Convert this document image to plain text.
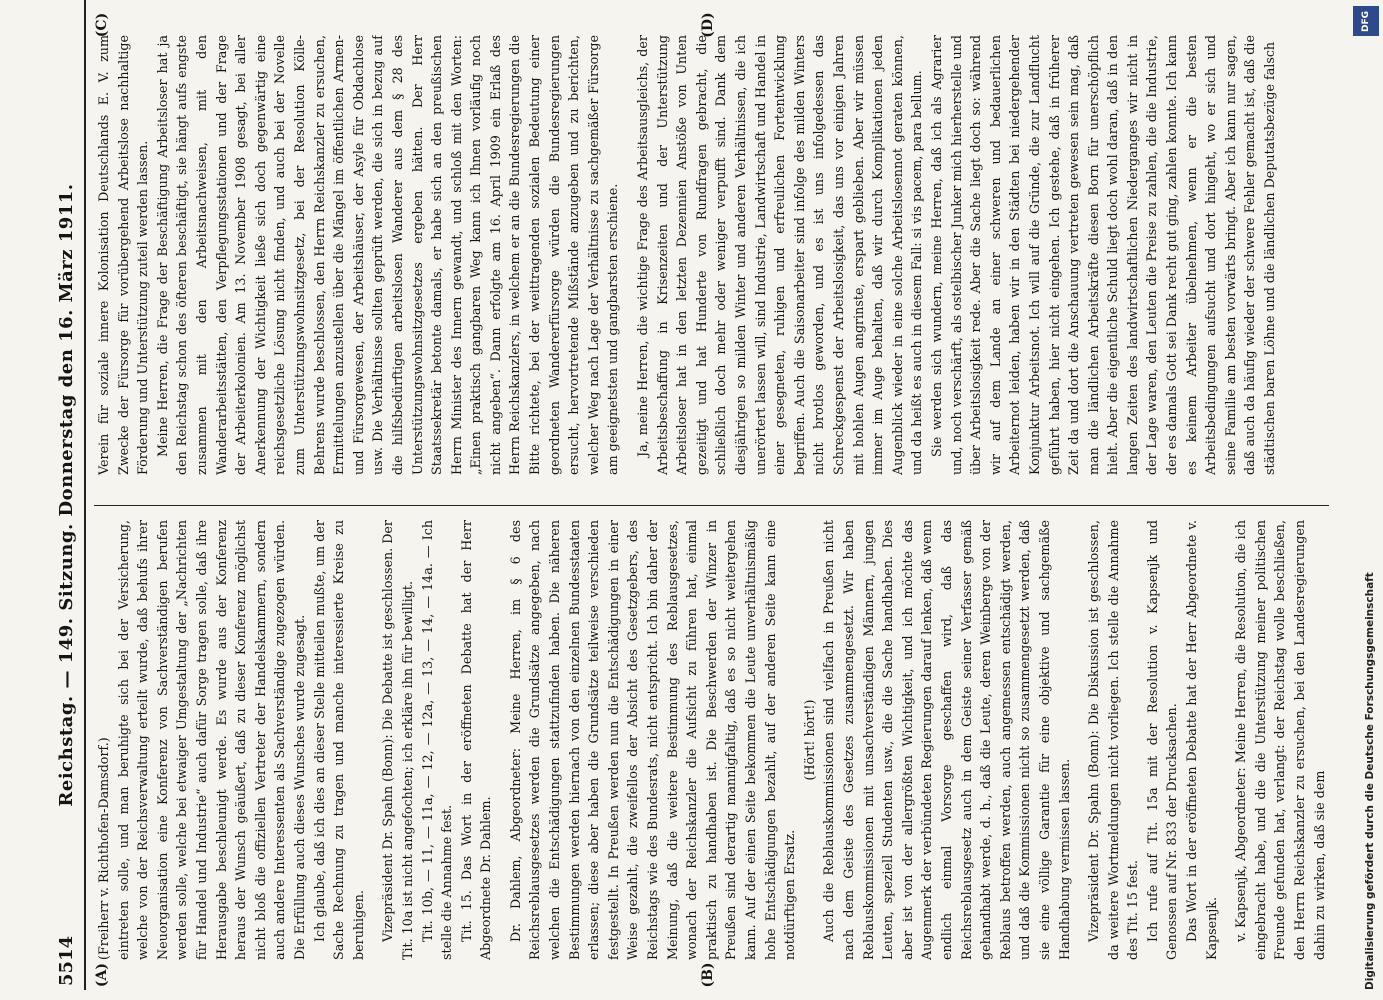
5514
Reichstag. — 149. Sitzung. Donnerstag den 16. März 1911.

(Freiherr v. Richthofen-Damsdorf.) eintreten solle, und man beruhigte sich bei der Versicherung, welche von der Reichsverwaltung erteilt wurde, daß behufs ihrer Neuorganisation eine Konferenz von Sachverständigen berufen werden solle, welche bei etwaiger Umgestaltung der „Nachrichten für Handel und Industrie“ auch dafür Sorge tragen solle, daß ihre Herausgabe beschleunigt werde. Es wurde aus der Konferenz heraus der Wunsch geäußert, daß zu dieser Konferenz möglichst nicht bloß die offiziellen Vertreter der Handelskammern, sondern auch andere Interessenten als Sachverständige zugezogen würden. Die Erfüllung auch dieses Wunsches wurde zugesagt. Ich glaube, daß ich dies an dieser Stelle mitteilen mußte, um der Sache Rechnung zu tragen und manche interessierte Kreise zu beruhigen. Vizepräsident Dr. Spahn (Bonn): Die Debatte ist geschlossen. Der Tit. 10a ist nicht angefochten; ich erkläre ihn für bewilligt. Tit. 10b, — 11, — 11a, — 12, — 12a, — 13, — 14, — 14a. — Ich stelle die Annahme fest. Tit. 15. Das Wort in der eröffneten Debatte hat der Herr Abgeordnete Dr. Dahlem. Dr. Dahlem, Abgeordneter: Meine Herren, im § 6 des Reichsreblausgesetzes werden die Grundsätze angegeben, nach welchen die Entschädigungen stattzufinden haben. Die näheren Bestimmungen werden hiernach von den einzelnen Bundesstaaten erlassen; diese aber haben die Grundsätze teilweise verschieden festgestellt. In Preußen werden nun die Entschädigungen in einer Weise gezahlt, die zweifellos der Absicht des Gesetzgebers, des Reichstags wie des Bundesrats, nicht entspricht. Ich bin daher der Meinung, daß die weitere Bestimmung des Reblausgesetzes, wonach der Reichskanzler die Aufsicht zu führen hat, einmal praktisch zu handhaben ist. Die Beschwerden der Winzer in Preußen sind derartig mannigfaltig, daß es so nicht weitergehen kann. Auf der einen Seite bekommen die Leute unverhältnismäßig hohe Entschädigungen bezahlt, auf der anderen Seite kann eine notdürftigen Ersatz.

(Hört! hört!) Auch die Reblauskommissionen sind vielfach in Preußen nicht nach dem Geiste des Gesetzes zusammengesetzt. Wir haben Reblauskommissionen mit unsachverständigen Männern, jungen Leuten, speziell Studenten usw., die die Sache handhaben. Dies aber ist von der allergrößten Wichtigkeit, und ich möchte das Augenmerk der verbündeten Regierungen darauf lenken, daß wenn endlich einmal Vorsorge geschaffen wird, daß das Reichsreblausgesetz auch in dem Geiste seiner Verfasser gemäß gehandhabt werde, d. h., daß die Leute, deren Weinberge von der Reblaus betroffen werden, auch angemessen entschädigt werden, und daß die Kommissionen nicht so zusammengesetzt werden, daß sie eine völlige Garantie für eine objektive und sachgemäße Handhabung vermissen lassen. Vizepräsident Dr. Spahn (Bonn): Die Diskussion ist geschlossen, da weitere Wortmeldungen nicht vorliegen. Ich stelle die Annahme des Tit. 15 fest. Ich rufe auf Tit. 15a mit der Resolution v. Kapsenjk und Genossen auf Nr. 833 der Drucksachen. Das Wort in der eröffneten Debatte hat der Herr Abgeordnete v. Kapsenjk. v. Kapsenjk, Abgeordneter: Meine Herren, die Resolution, die ich eingebracht habe, und die die Unterstützung meiner politischen Freunde gefunden hat, verlangt: der Reichstag wolle beschließen, den Herrn Reichskanzler zu ersuchen, bei den Landesregierungen dahin zu wirken, daß sie dem

Verein für soziale innere Kolonisation Deutschlands E. V. zum Zwecke der Fürsorge für vorübergehend Arbeitslose nachhaltige Förderung und Unterstützung zuteil werden lassen. Meine Herren, die Frage der Beschäftigung Arbeitsloser hat ja den Reichstag schon des öfteren beschäftigt, sie hängt aufs engste zusammen mit den Arbeitsnachweisen, mit den Wanderarbeitsstätten, den Verpflegungsstationen und der Frage der Arbeiterkolonien. Am 13. November 1908 gesagt, bei aller Anerkennung der Wichtigkeit ließe sich doch gegenwärtig eine reichsgesetzliche Lösung nicht finden, und auch bei der Novelle zum Unterstützungswohnsitzgesetz, bei der Resolution Kölle-Behrens wurde beschlossen, den Herrn Reichskanzler zu ersuchen, Ermittelungen anzustellen über die Mängel im öffentlichen Armen- und Fürsorgewesen, der Arbeitshäuser, der Asyle für Obdachlose usw. Die Verhältnisse sollten geprüft werden, die sich in bezug auf die hilfsbedürftigen arbeitslosen Wanderer aus dem § 28 des Unterstützungswohnsitzgesetzes ergeben hätten. Der Herr Staatssekretär betonte damals, er habe sich an den preußischen Herrn Minister des Innern gewandt, und schloß mit den Worten: „Einen praktisch gangbaren Weg kann ich Ihnen vorläufig noch nicht angeben“. Dann erfolgte am 16. April 1909 ein Erlaß des Herrn Reichskanzlers, in welchem er an die Bundesregierungen die Bitte richtete, bei der weittragenden sozialen Bedeutung einer geordneten Wandererfürsorge würden die Bundesregierungen ersucht, hervortretende Mißstände anzugeben und zu berichten, welcher Weg nach Lage der Verhältnisse zu sachgemäßer Fürsorge am geeignetsten und gangbarsten erschiene. Ja, meine Herren, die wichtige Frage des Arbeitsausgleichs, der Arbeitsbeschaffung in Krisenzeiten und der Unterstützung Arbeitsloser hat in den letzten Dezennien Anstöße von Unten gezeitigt und hat Hunderte von Rundfragen gebracht, die schließlich doch mehr oder weniger verpufft sind. Dank dem diesjährigen so milden Winter und anderen Verhältnissen, die ich unerörtert lassen will, sind Industrie, Landwirtschaft und Handel in einer gesegneten, ruhigen und erfreulichen Fortentwicklung begriffen. Auch die Saisonarbeiter sind infolge des milden Winters nicht brotlos geworden, und es ist uns infolgedessen das Schreckgespenst der Arbeitslosigkeit, das uns vor einigen Jahren mit hohlen Augen angrinste, erspart geblieben. Aber wir müssen immer im Auge behalten, daß wir durch Komplikationen jeden Augenblick wieder in eine solche Arbeitslosennot geraten können, und da heißt es auch in diesem Fall: si vis pacem, para bellum. Sie werden sich wundern, meine Herren, daß ich als Agrarier und, noch verschärft, als ostelbischer Junker mich hierherstelle und über Arbeitslosigkeit rede. Aber die Sache liegt doch so: während wir auf dem Lande an einer schweren und bedauerlichen Arbeiternot leiden, haben wir in den Städten bei niedergehender Konjunktur Arbeitsnot. Ich will auf die Gründe, die zur Landflucht geführt haben, hier nicht eingehen. Ich gestehe, daß in früherer Zeit da und dort die Anschauung vertreten gewesen sein mag, daß man die ländlichen Arbeitskräfte diesen Born für unerschöpflich hielt. Aber die eigentliche Schuld liegt doch wohl daran, daß in den langen Zeiten des landwirtschaftlichen Niederganges wir nicht in der Lage waren, den Leuten die Preise zu zahlen, die die Industrie, der es damals Gott sei Dank recht gut ging, zahlen konnte. Ich kann es keinem Arbeiter übelnehmen, wenn er die besten Arbeitsbedingungen aufsucht und dort hingeht, wo er sich und seine Familie am besten vorwärts bringt. Aber ich kann nur sagen, daß auch da häufig wieder der schwere Fehler gemacht ist, daß die städtischen baren Löhne und die ländlichen Deputatsbezüge falsch

(A)	(B)
(C)	(D)	DFG
Digitalisierung gefördert durch die Deutsche Forschungsgemeinschaft
